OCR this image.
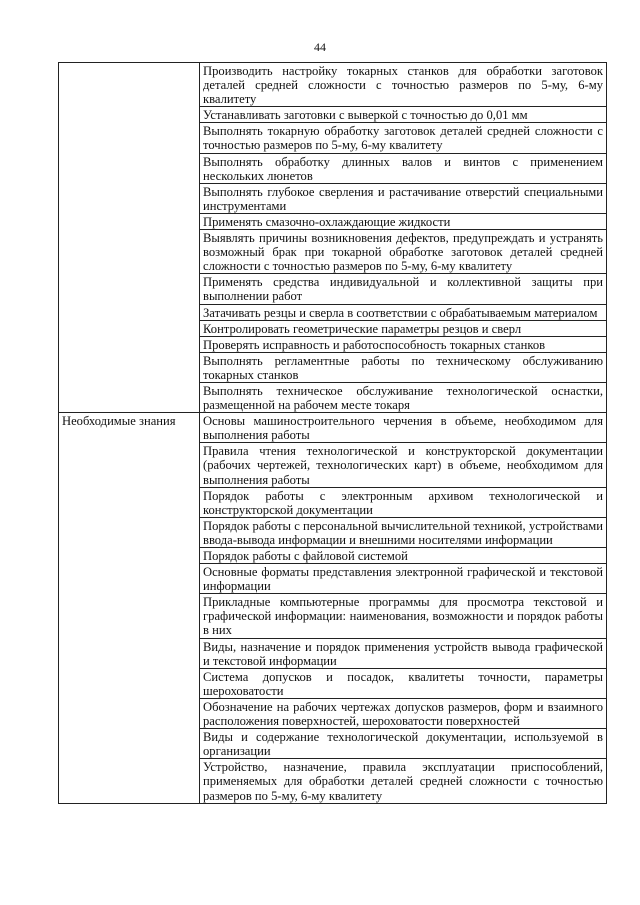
44
	Производить настройку токарных станков для обработки заготовок деталей средней сложности с точностью размеров по 5-му, 6-му квалитету
	Устанавливать заготовки с выверкой с точностью до 0,01 мм
	Выполнять токарную обработку заготовок деталей средней сложности с точностью размеров по 5-му, 6-му квалитету
	Выполнять обработку длинных валов и винтов с применением нескольких люнетов
	Выполнять глубокое сверления и растачивание отверстий специальными инструментами
	Применять смазочно-охлаждающие жидкости
	Выявлять причины возникновения дефектов, предупреждать и устранять возможный брак при токарной обработке заготовок деталей средней сложности с точностью размеров по 5-му, 6-му квалитету
	Применять средства индивидуальной и коллективной защиты при выполнении работ
	Затачивать резцы и сверла в соответствии с обрабатываемым материалом
	Контролировать геометрические параметры резцов и сверл
	Проверять исправность и работоспособность токарных станков
	Выполнять регламентные работы по техническому обслуживанию токарных станков
	Выполнять техническое обслуживание технологической оснастки, размещенной на рабочем месте токаря
Необходимые знания	Основы машиностроительного черчения в объеме, необходимом для выполнения работы
	Правила чтения технологической и конструкторской документации (рабочих чертежей, технологических карт) в объеме, необходимом для выполнения работы
	Порядок работы с электронным архивом технологической и конструкторской документации
	Порядок работы с персональной вычислительной техникой, устройствами ввода-вывода информации и внешними носителями информации
	Порядок работы с файловой системой
	Основные форматы представления электронной графической и текстовой информации
	Прикладные компьютерные программы для просмотра текстовой и графической информации: наименования, возможности и порядок работы в них
	Виды, назначение и порядок применения устройств вывода графической и текстовой информации
	Система допусков и посадок, квалитеты точности, параметры шероховатости
	Обозначение на рабочих чертежах допусков размеров, форм и взаимного расположения поверхностей, шероховатости поверхностей
	Виды и содержание технологической документации, используемой в организации
	Устройство, назначение, правила эксплуатации приспособлений, применяемых для обработки деталей средней сложности с точностью размеров по 5-му, 6-му квалитету
